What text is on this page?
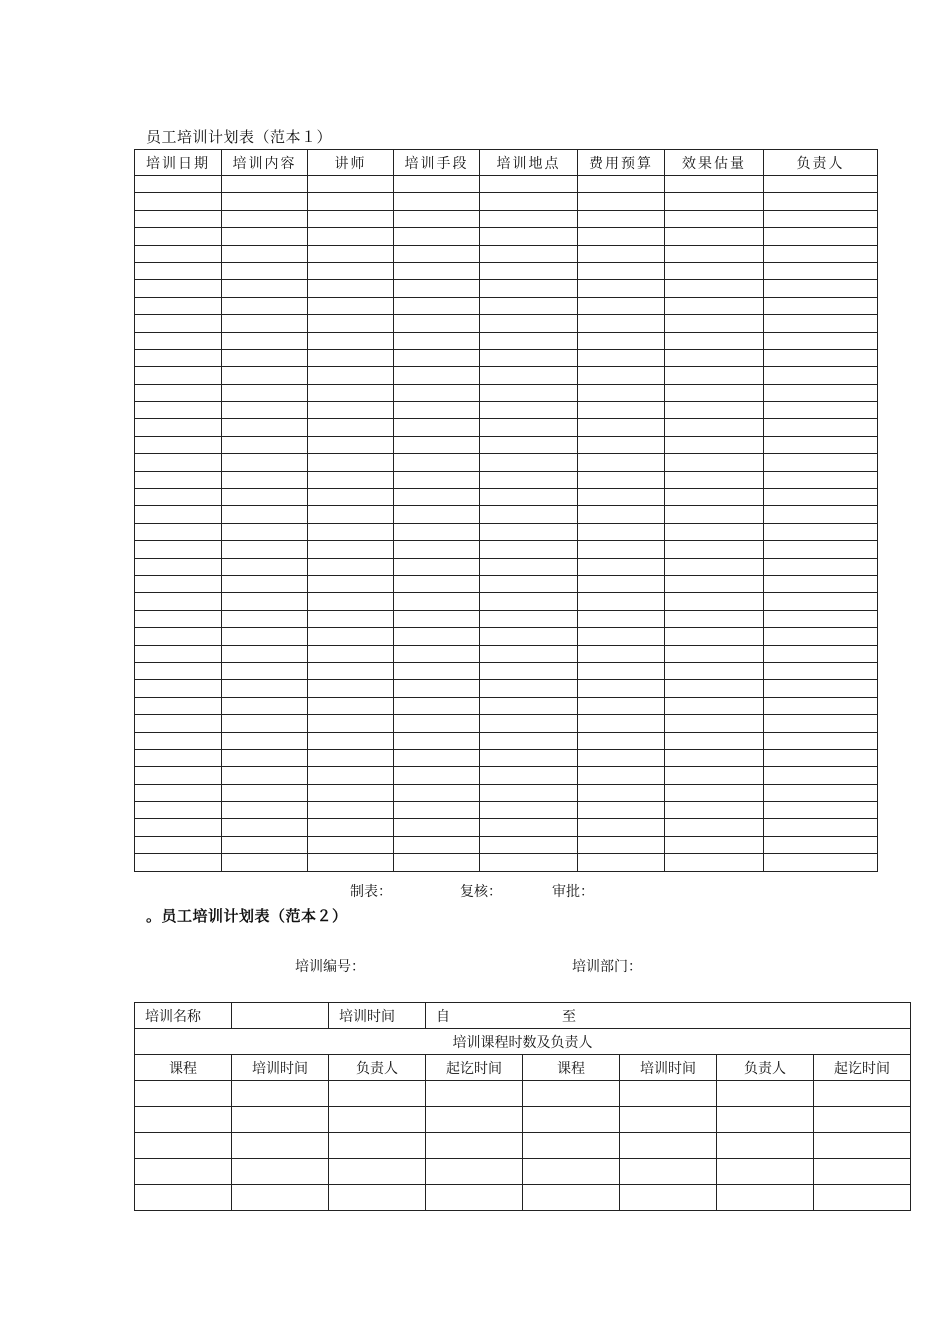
员工培训计划表（范本１）
培训日期	培训内容	讲师	培训手段	培训地点	费用预算	效果估量	负责人

制表：	复核：	审批：
。员工培训计划表（范本２）
培训编号：	培训部门：
培训名称		培训时间	自 至				
培训课程时数及负责人							
课程	培训时间	负责人	起讫时间	课程	培训时间	负责人	起讫时间
